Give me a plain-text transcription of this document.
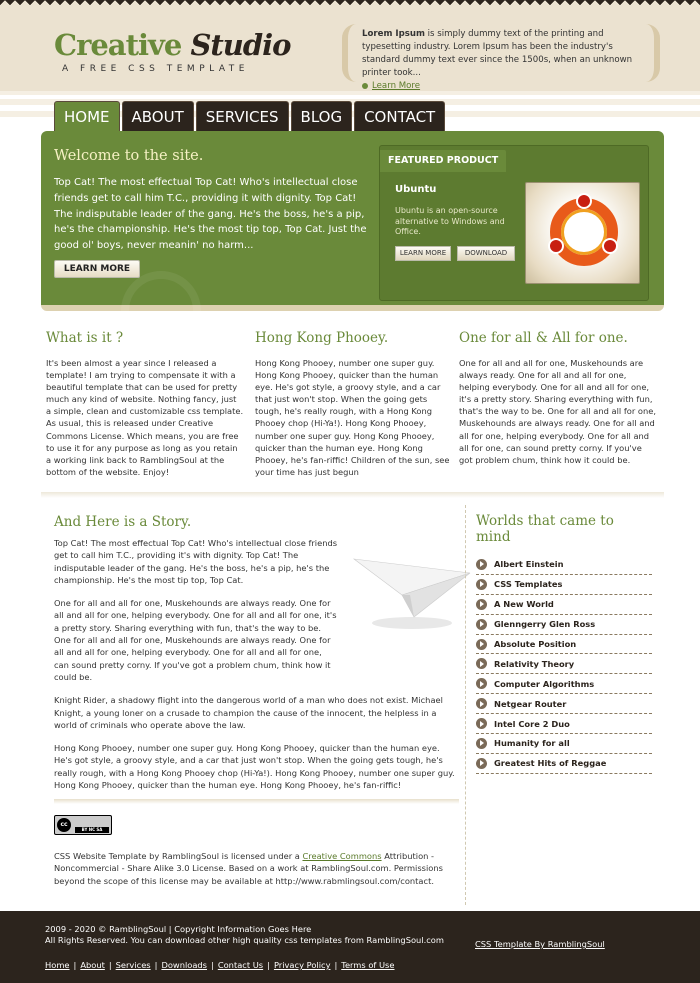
Creative Studio
A FREE CSS TEMPLATE
Lorem Ipsum is simply dummy text of the printing and typesetting industry. Lorem Ipsum has been the industry's standard dummy text ever since the 1500s, when an unknown printer took...
Learn More
HOME	ABOUT	SERVICES	BLOG	CONTACT
Welcome to the site.

Top Cat! The most effectual Top Cat! Who's intellectual close friends get to call him T.C., providing it with dignity. Top Cat! The indisputable leader of the gang. He's the boss, he's a pip, he's the championship. He's the most tip top, Top Cat. Just the good ol' boys, never meanin' no harm...

LEARN MORE
FEATURED PRODUCT
Ubuntu

Ubuntu is an open-source alternative to Windows and Office.

LEARN MORE	DOWNLOAD
What is it ?

It's been almost a year since I released a template! I am trying to compensate it with a beautiful template that can be used for pretty much any kind of website. Nothing fancy, just a simple, clean and customizable css template. As usual, this is released under Creative Commons License. Which means, you are free to use it for any purpose as long as you retain a working link back to RamblingSoul at the bottom of the website. Enjoy!

Hong Kong Phooey.

Hong Kong Phooey, number one super guy. Hong Kong Phooey, quicker than the human eye. He's got style, a groovy style, and a car that just won't stop. When the going gets tough, he's really rough, with a Hong Kong Phooey chop (Hi-Ya!). Hong Kong Phooey, number one super guy. Hong Kong Phooey, quicker than the human eye. Hong Kong Phooey, he's fan-riffic! Children of the sun, see your time has just begun

One for all & All for one.

One for all and all for one, Muskehounds are always ready. One for all and all for one, helping everybody. One for all and all for one, it's a pretty story. Sharing everything with fun, that's the way to be. One for all and all for one, Muskehounds are always ready. One for all and all for one, helping everybody. One for all and all for one, can sound pretty corny. If you've got problem chum, think how it could be.

And Here is a Story.

Top Cat! The most effectual Top Cat! Who's intellectual close friends get to call him T.C., providing it's with dignity. Top Cat! The indisputable leader of the gang. He's the boss, he's a pip, he's the championship. He's the most tip top, Top Cat.

One for all and all for one, Muskehounds are always ready. One for all and all for one, helping everybody. One for all and all for one, it's a pretty story. Sharing everything with fun, that's the way to be. One for all and all for one, Muskehounds are always ready. One for all and all for one, helping everybody. One for all and all for one, can sound pretty corny. If you've got a problem chum, think how it could be.

Knight Rider, a shadowy flight into the dangerous world of a man who does not exist. Michael Knight, a young loner on a crusade to champion the cause of the innocent, the helpless in a world of criminals who operate above the law.

Hong Kong Phooey, number one super guy. Hong Kong Phooey, quicker than the human eye. He's got style, a groovy style, and a car that just won't stop. When the going gets tough, he's really rough, with a Hong Kong Phooey chop (Hi-Ya!). Hong Kong Phooey, number one super guy. Hong Kong Phooey, quicker than the human eye. Hong Kong Phooey, he's fan-riffic!

cc
BY NC SA
CSS Website Template by RamblingSoul is licensed under a Creative Commons Attribution - Noncommercial - Share Alike 3.0 License. Based on a work at RamblingSoul.com. Permissions beyond the scope of this license may be available at http://www.rabmlingsoul.com/contact.
Worlds that came to mind
Albert Einstein
CSS Templates
A New World
Glenngerry Glen Ross
Absolute Position
Relativity Theory
Computer Algorithms
Netgear Router
Intel Core 2 Duo
Humanity for all
Greatest Hits of Reggae
2009 - 2020 © RamblingSoul | Copyright Information Goes Here
All Rights Reserved. You can download other high quality css templates from RamblingSoul.com	CSS Template By RamblingSoul
Home | About | Services | Downloads | Contact Us | Privacy Policy | Terms of Use
